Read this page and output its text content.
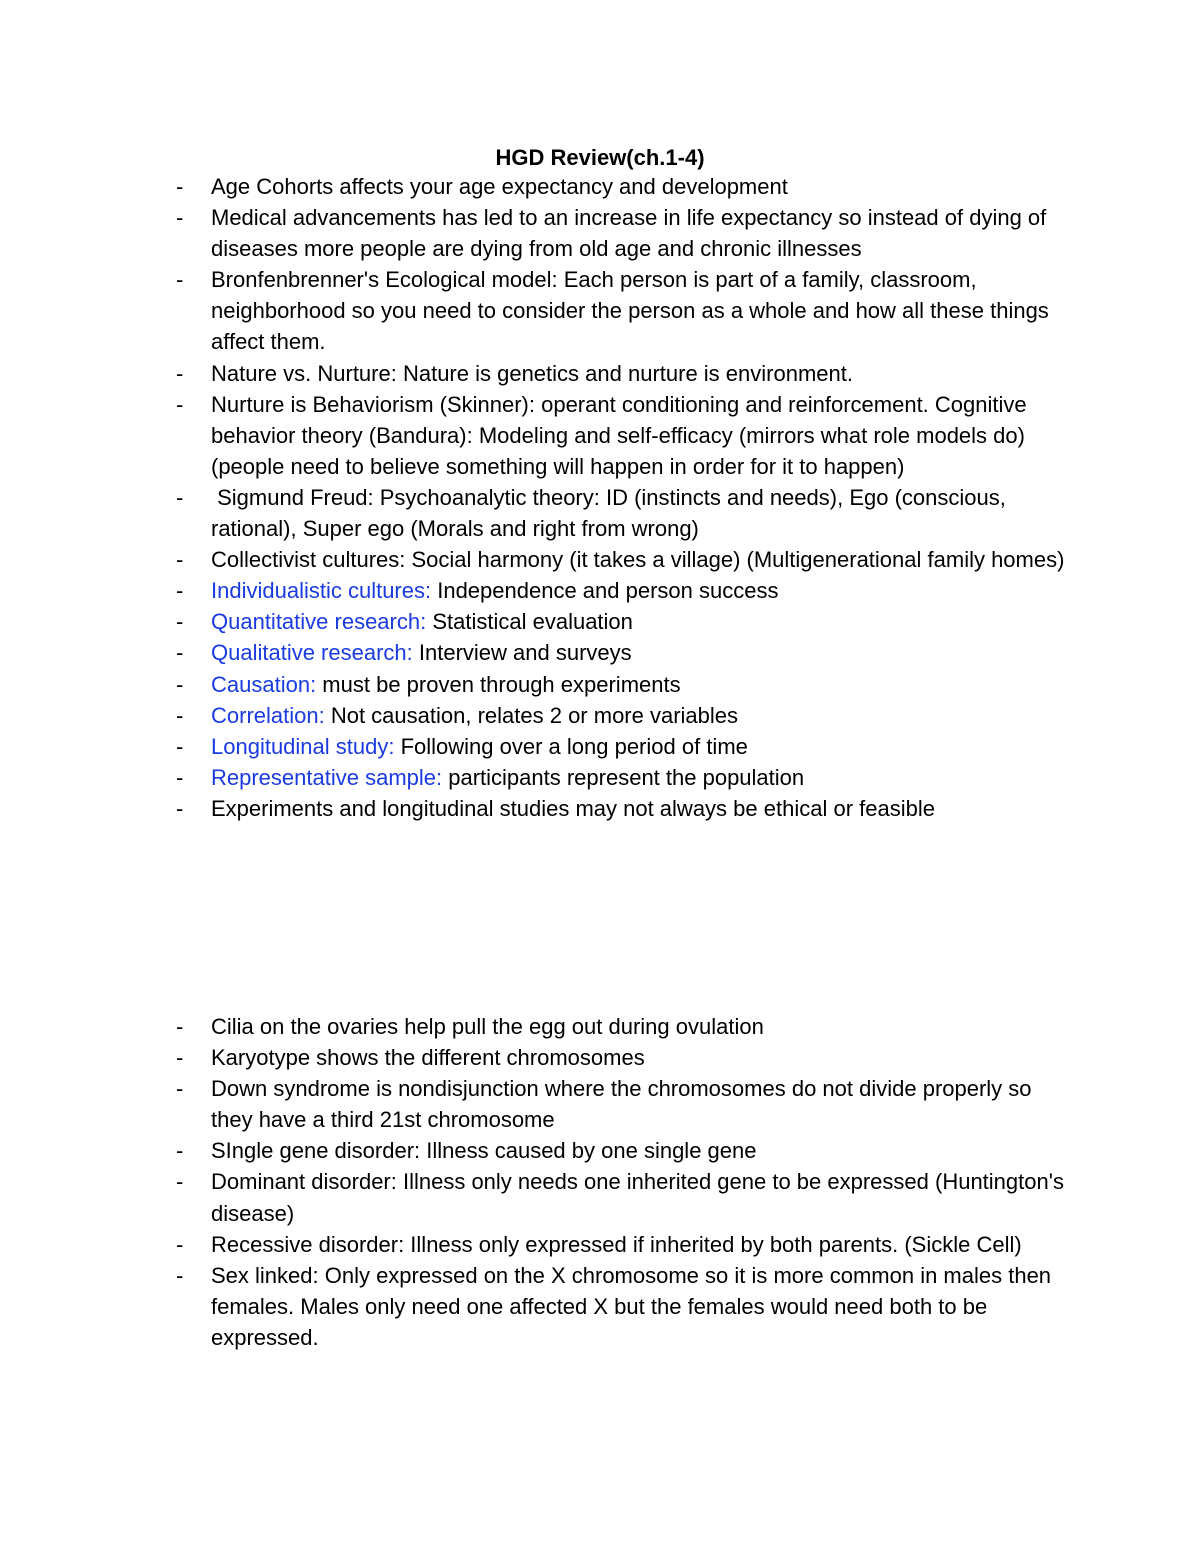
HGD Review(ch.1-4)
- Age Cohorts affects your age expectancy and development
- Medical advancements has led to an increase in life expectancy so instead of dying of diseases more people are dying from old age and chronic illnesses
- Bronfenbrenner's Ecological model: Each person is part of a family, classroom, neighborhood so you need to consider the person as a whole and how all these things affect them.
- Nature vs. Nurture: Nature is genetics and nurture is environment.
- Nurture is Behaviorism (Skinner): operant conditioning and reinforcement. Cognitive behavior theory (Bandura): Modeling and self-efficacy (mirrors what role models do) (people need to believe something will happen in order for it to happen)
- Sigmund Freud: Psychoanalytic theory: ID (instincts and needs), Ego (conscious, rational), Super ego (Morals and right from wrong)
- Collectivist cultures: Social harmony (it takes a village) (Multigenerational family homes)
- Individualistic cultures: Independence and person success
- Quantitative research: Statistical evaluation
- Qualitative research: Interview and surveys
- Causation: must be proven through experiments
- Correlation: Not causation, relates 2 or more variables
- Longitudinal study: Following over a long period of time
- Representative sample: participants represent the population
- Experiments and longitudinal studies may not always be ethical or feasible
- Cilia on the ovaries help pull the egg out during ovulation
- Karyotype shows the different chromosomes
- Down syndrome is nondisjunction where the chromosomes do not divide properly so they have a third 21st chromosome
- SIngle gene disorder: Illness caused by one single gene
- Dominant disorder: Illness only needs one inherited gene to be expressed (Huntington's disease)
- Recessive disorder: Illness only expressed if inherited by both parents. (Sickle Cell)
- Sex linked: Only expressed on the X chromosome so it is more common in males then females. Males only need one affected X but the females would need both to be expressed.
